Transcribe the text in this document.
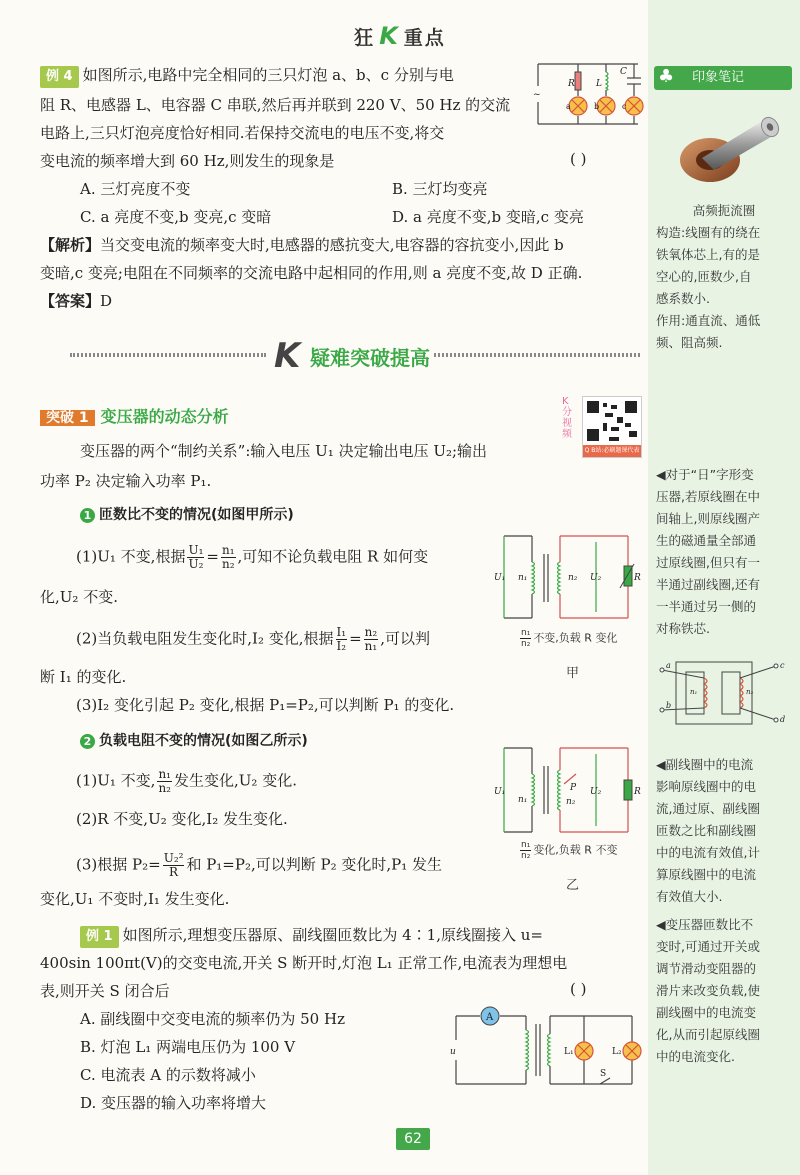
狂 K 重点
例 4 如图所示,电路中完全相同的三只灯泡 a、b、c 分别与电
阻 R、电感器 L、电容器 C 串联,然后再并联到 220 V、50 Hz 的交流
电路上,三只灯泡亮度恰好相同.若保持交流电的电压不变,将交
变电流的频率增大到 60 Hz,则发生的现象是	( )
R L
C
~
a	b	c
A. 三灯亮度不变	B. 三灯均变亮
C. a 亮度不变,b 变亮,c 变暗	D. a 亮度不变,b 变暗,c 变亮
【解析】当交变电流的频率变大时,电感器的感抗变大,电容器的容抗变小,因此 b
变暗,c 变亮;电阻在不同频率的交流电路中起相同的作用,则 a 亮度不变,故 D 正确.
【答案】D
K 疑难突破提高
突破 1 变压器的动态分析
K分视频
Q B站:必刷题课代表
变压器的两个“制约关系”:输入电压 U₁ 决定输出电压 U₂;输出
功率 P₂ 决定输入功率 P₁.
1 匝数比不变的情况(如图甲所示)
(1)U₁ 不变,根据 $\frac{\text{U₁}}{\text{U₂}} = \frac{\text{n₁}}{\text{n₂}}$ ,可知不论负载电阻 R 如何变
化,U₂ 不变.
(2)当负载电阻发生变化时,I₂ 变化,根据 $\frac{\text{I₁}}{\text{I₂}} = \frac{\text{n₂}}{\text{n₁}}$ ,可以判
断 I₁ 的变化.
(3)I₂ 变化引起 P₂ 变化,根据 P₁=P₂,可以判断 P₁ 的变化.
U₁ n₁	n₂ U₂	R
$\frac{\text{n₁}}{\text{n₂}}$ 不变,负载 R 变化
甲
2 负载电阻不变的情况(如图乙所示)
(1)U₁ 不变, $\frac{\text{n₁}}{\text{n₂}}$ 发生变化,U₂ 变化.
(2)R 不变,U₂ 变化,I₂ 发生变化.
(3)根据 $P_2= \frac{\text{U₂²}}{R}$ 和 P₁=P₂,可以判断 P₂ 变化时,P₁ 发生
变化,U₁ 不变时,I₁ 发生变化.
U₁
n₁
P
n₂
U₂	R
$\frac{\text{n₁}}{\text{n₂}}$ 变化,负载 R 不变
乙
例 1 如图所示,理想变压器原、副线圈匝数比为 4∶1,原线圈接入 u=
400sin 100πt(V)的交变电流,开关 S 断开时,灯泡 L₁ 正常工作,电流表为理想电
表,则开关 S 闭合后	( )
A. 副线圈中交变电流的频率仍为 50 Hz
B. 灯泡 L₁ 两端电压仍为 100 V
C. 电流表 A 的示数将减小
D. 变压器的输入功率将增大
A
u	L₁	L₂
S
印象笔记
♣
高频扼流圈
构造:线圈有的绕在
铁氧体芯上,有的是
空心的,匝数少,自
感系数小.
作用:通直流、通低
频、阻高频.
◀对于“日”字形变
压器,若原线圈在中
间轴上,则原线圈产
生的磁通量全部通
过原线圈,但只有一
半通过副线圈,还有
一半通过另一侧的
对称铁芯.
a
b
c
d
n₁	n₂
◀副线圈中的电流
影响原线圈中的电
流,通过原、副线圈
匝数之比和副线圈
中的电流有效值,计
算原线圈中的电流
有效值大小.
◀变压器匝数比不
变时,可通过开关或
调节滑动变阻器的
滑片来改变负载,使
副线圈中的电流变
化,从而引起原线圈
中的电流变化.
62
